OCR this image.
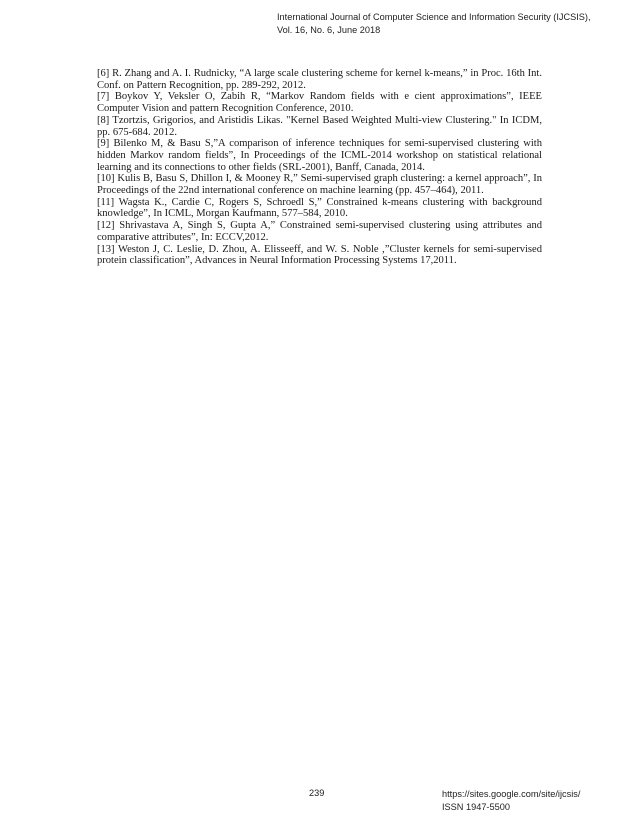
International Journal of Computer Science and Information Security (IJCSIS),
Vol. 16, No. 6, June 2018

[6] R. Zhang and A. I. Rudnicky, “A large scale clustering scheme for kernel k-means,” in Proc. 16th Int. Conf. on Pattern Recognition, pp. 289-292, 2012.

[7] Boykov Y, Veksler O, Zabih R, “Markov Random fields with e cient approximations”, IEEE Computer Vision and pattern Recognition Conference, 2010.

[8] Tzortzis, Grigorios, and Aristidis Likas. "Kernel Based Weighted Multi-view Clustering." In ICDM, pp. 675-684. 2012.

[9] Bilenko M, & Basu S,”A comparison of inference techniques for semi-supervised clustering with hidden Markov random fields”, In Proceedings of the ICML-2014 workshop on statistical relational learning and its connections to other fields (SRL-2001), Banff, Canada, 2014.

[10] Kulis B, Basu S, Dhillon I, & Mooney R,” Semi-supervised graph clustering: a kernel approach”, In Proceedings of the 22nd international conference on machine learning (pp. 457–464), 2011.

[11] Wagsta K., Cardie C, Rogers S, Schroedl S,” Constrained k-means clustering with background knowledge”, In ICML, Morgan Kaufmann, 577–584, 2010.

[12] Shrivastava A, Singh S, Gupta A,” Constrained semi-supervised clustering using attributes and comparative attributes”, In: ECCV,2012.

[13] Weston J, C. Leslie, D. Zhou, A. Elisseeff, and W. S. Noble ,”Cluster kernels for semi-supervised protein classification”, Advances in Neural Information Processing Systems 17,2011.

239	https://sites.google.com/site/ijcsis/
ISSN 1947-5500
